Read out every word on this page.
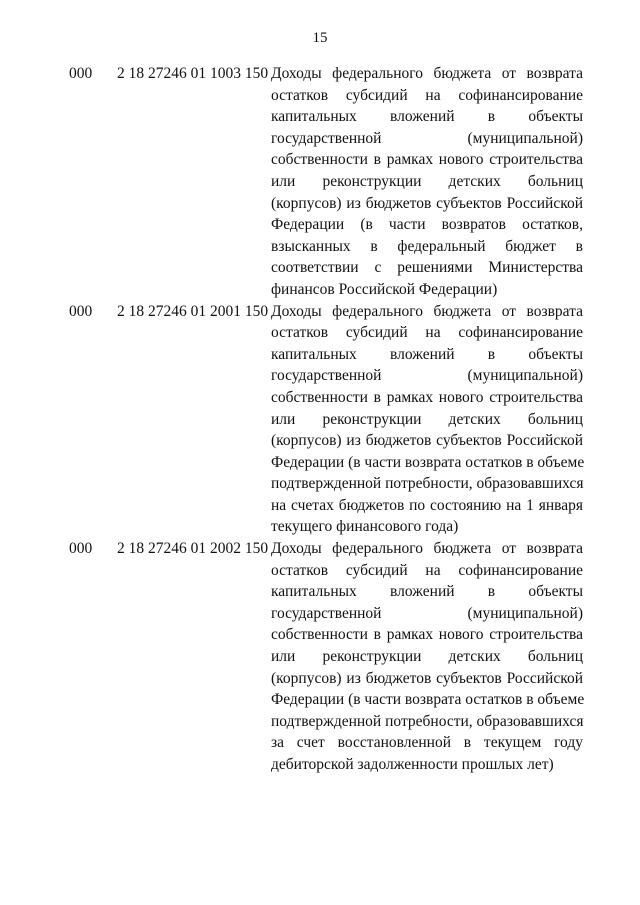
15
000 2 18 27246 01 1003 150 Доходы федерального бюджета от возврата
остатков субсидий на софинансирование
капитальных вложений в объекты
государственной (муниципальной)
собственности в рамках нового строительства
или реконструкции детских больниц
(корпусов) из бюджетов субъектов Российской
Федерации (в части возвратов остатков,
взысканных в федеральный бюджет в
соответствии с решениями Министерства
финансов Российской Федерации)
000 2 18 27246 01 2001 150 Доходы федерального бюджета от возврата
остатков субсидий на софинансирование
капитальных вложений в объекты
государственной (муниципальной)
собственности в рамках нового строительства
или реконструкции детских больниц
(корпусов) из бюджетов субъектов Российской
Федерации (в части возврата остатков в объеме
подтвержденной потребности, образовавшихся
на счетах бюджетов по состоянию на 1 января
текущего финансового года)
000 2 18 27246 01 2002 150 Доходы федерального бюджета от возврата
остатков субсидий на софинансирование
капитальных вложений в объекты
государственной (муниципальной)
собственности в рамках нового строительства
или реконструкции детских больниц
(корпусов) из бюджетов субъектов Российской
Федерации (в части возврата остатков в объеме
подтвержденной потребности, образовавшихся
за счет восстановленной в текущем году
дебиторской задолженности прошлых лет)
